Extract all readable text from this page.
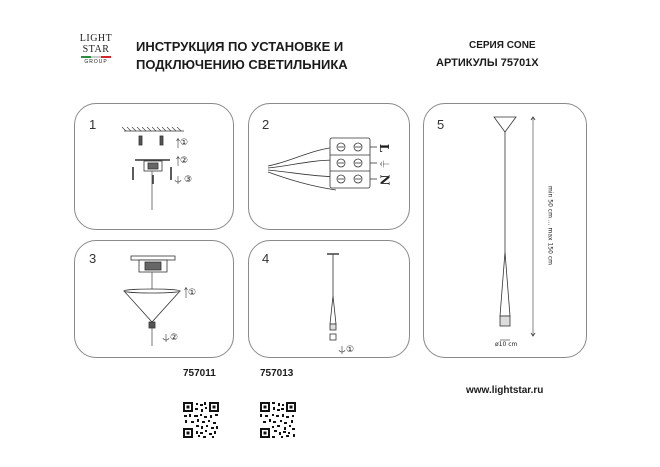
LIGHT
STAR
GROUP
ИНСТРУКЦИЯ ПО УСТАНОВКЕ И
ПОДКЛЮЧЕНИЮ СВЕТИЛЬНИКА
СЕРИЯ CONE
АРТИКУЛЫ 75701X
1	2
3	4
5
①
②
③
L
⏚
N
①
②
①
min 50 cm ... max 150 cm
ø10 cm
757011	757013
www.lightstar.ru
